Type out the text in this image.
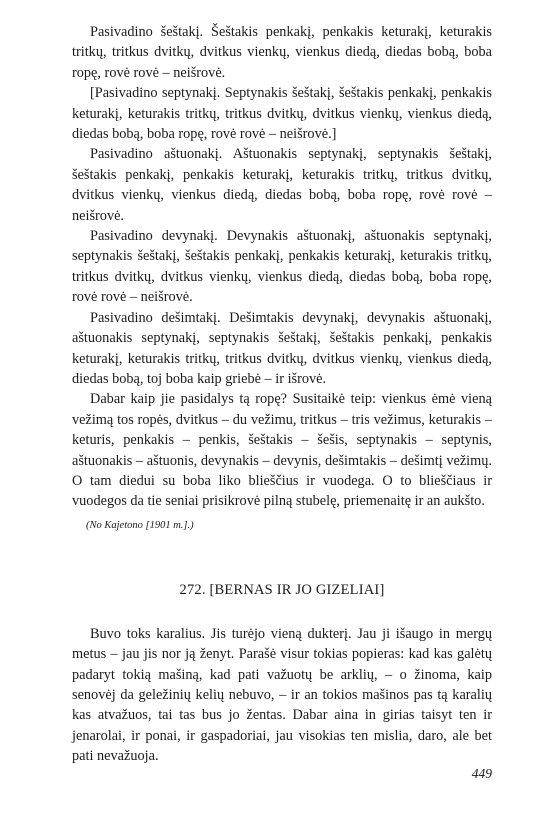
Pasivadino šeštakį. Šeštakis penkakį, penkakis keturakį, keturakis tritkų, tritkus dvitkų, dvitkus vienkų, vienkus diedą, diedas bobą, boba ropę, rovė rovė – neišrovė.

[Pasivadino septynakį. Septynakis šeštakį, šeštakis penkakį, penkakis keturakį, keturakis tritkų, tritkus dvitkų, dvitkus vienkų, vienkus diedą, diedas bobą, boba ropę, rovė rovė – neišrovė.]

Pasivadino aštuonakį. Aštuonakis septynakį, septynakis šeštakį, šeštakis penkakį, penkakis keturakį, keturakis tritkų, tritkus dvitkų, dvitkus vienkų, vienkus diedą, diedas bobą, boba ropę, rovė rovė – neišrovė.

Pasivadino devynakį. Devynakis aštuonakį, aštuonakis septynakį, septynakis šeštakį, šeštakis penkakį, penkakis keturakį, keturakis tritkų, tritkus dvitkų, dvitkus vienkų, vienkus diedą, diedas bobą, boba ropę, rovė rovė – neišrovė.

Pasivadino dešimtakį. Dešimtakis devynakį, devynakis aštuonakį, aštuonakis septynakį, septynakis šeštakį, šeštakis penkakį, penkakis keturakį, keturakis tritkų, tritkus dvitkų, dvitkus vienkų, vienkus diedą, diedas bobą, toj boba kaip griebė – ir išrovė.

Dabar kaip jie pasidalys tą ropę? Susitaikė teip: vienkus ėmė vieną vežimą tos ropės, dvitkus – du vežimu, tritkus – tris vežimus, keturakis – keturis, penkakis – penkis, šeštakis – šešis, septynakis – septynis, aštuonakis – aštuonis, devynakis – devynis, dešimtakis – dešimtį vežimų. O tam diedui su boba liko blieščius ir vuodega. O to blieščiaus ir vuodegos da tie seniai prisikrovė pilną stubelę, priemenaitę ir an aukšto.

(Nо Kajetono [1901 m.].)

272. [BERNAS IR JO GIZELIAI]

Buvo toks karalius. Jis turėjo vieną dukterį. Jau ji išaugo in mergų metus – jau jis nor ją ženyt. Parašė visur tokias popieras: kad kas galėtų padaryt tokią mašiną, kad pati važuotų be arklių, – o žinoma, kaip senovėj da geležinių kelių nebuvo, – ir an tokios mašinos pas tą karalių kas atvažuos, tai tas bus jo žentas. Dabar aina in girias taisyt ten ir jenarolai, ir ponai, ir gaspadoriai, jau visokias ten mislia, daro, ale bet pati nevažuoja.

449
